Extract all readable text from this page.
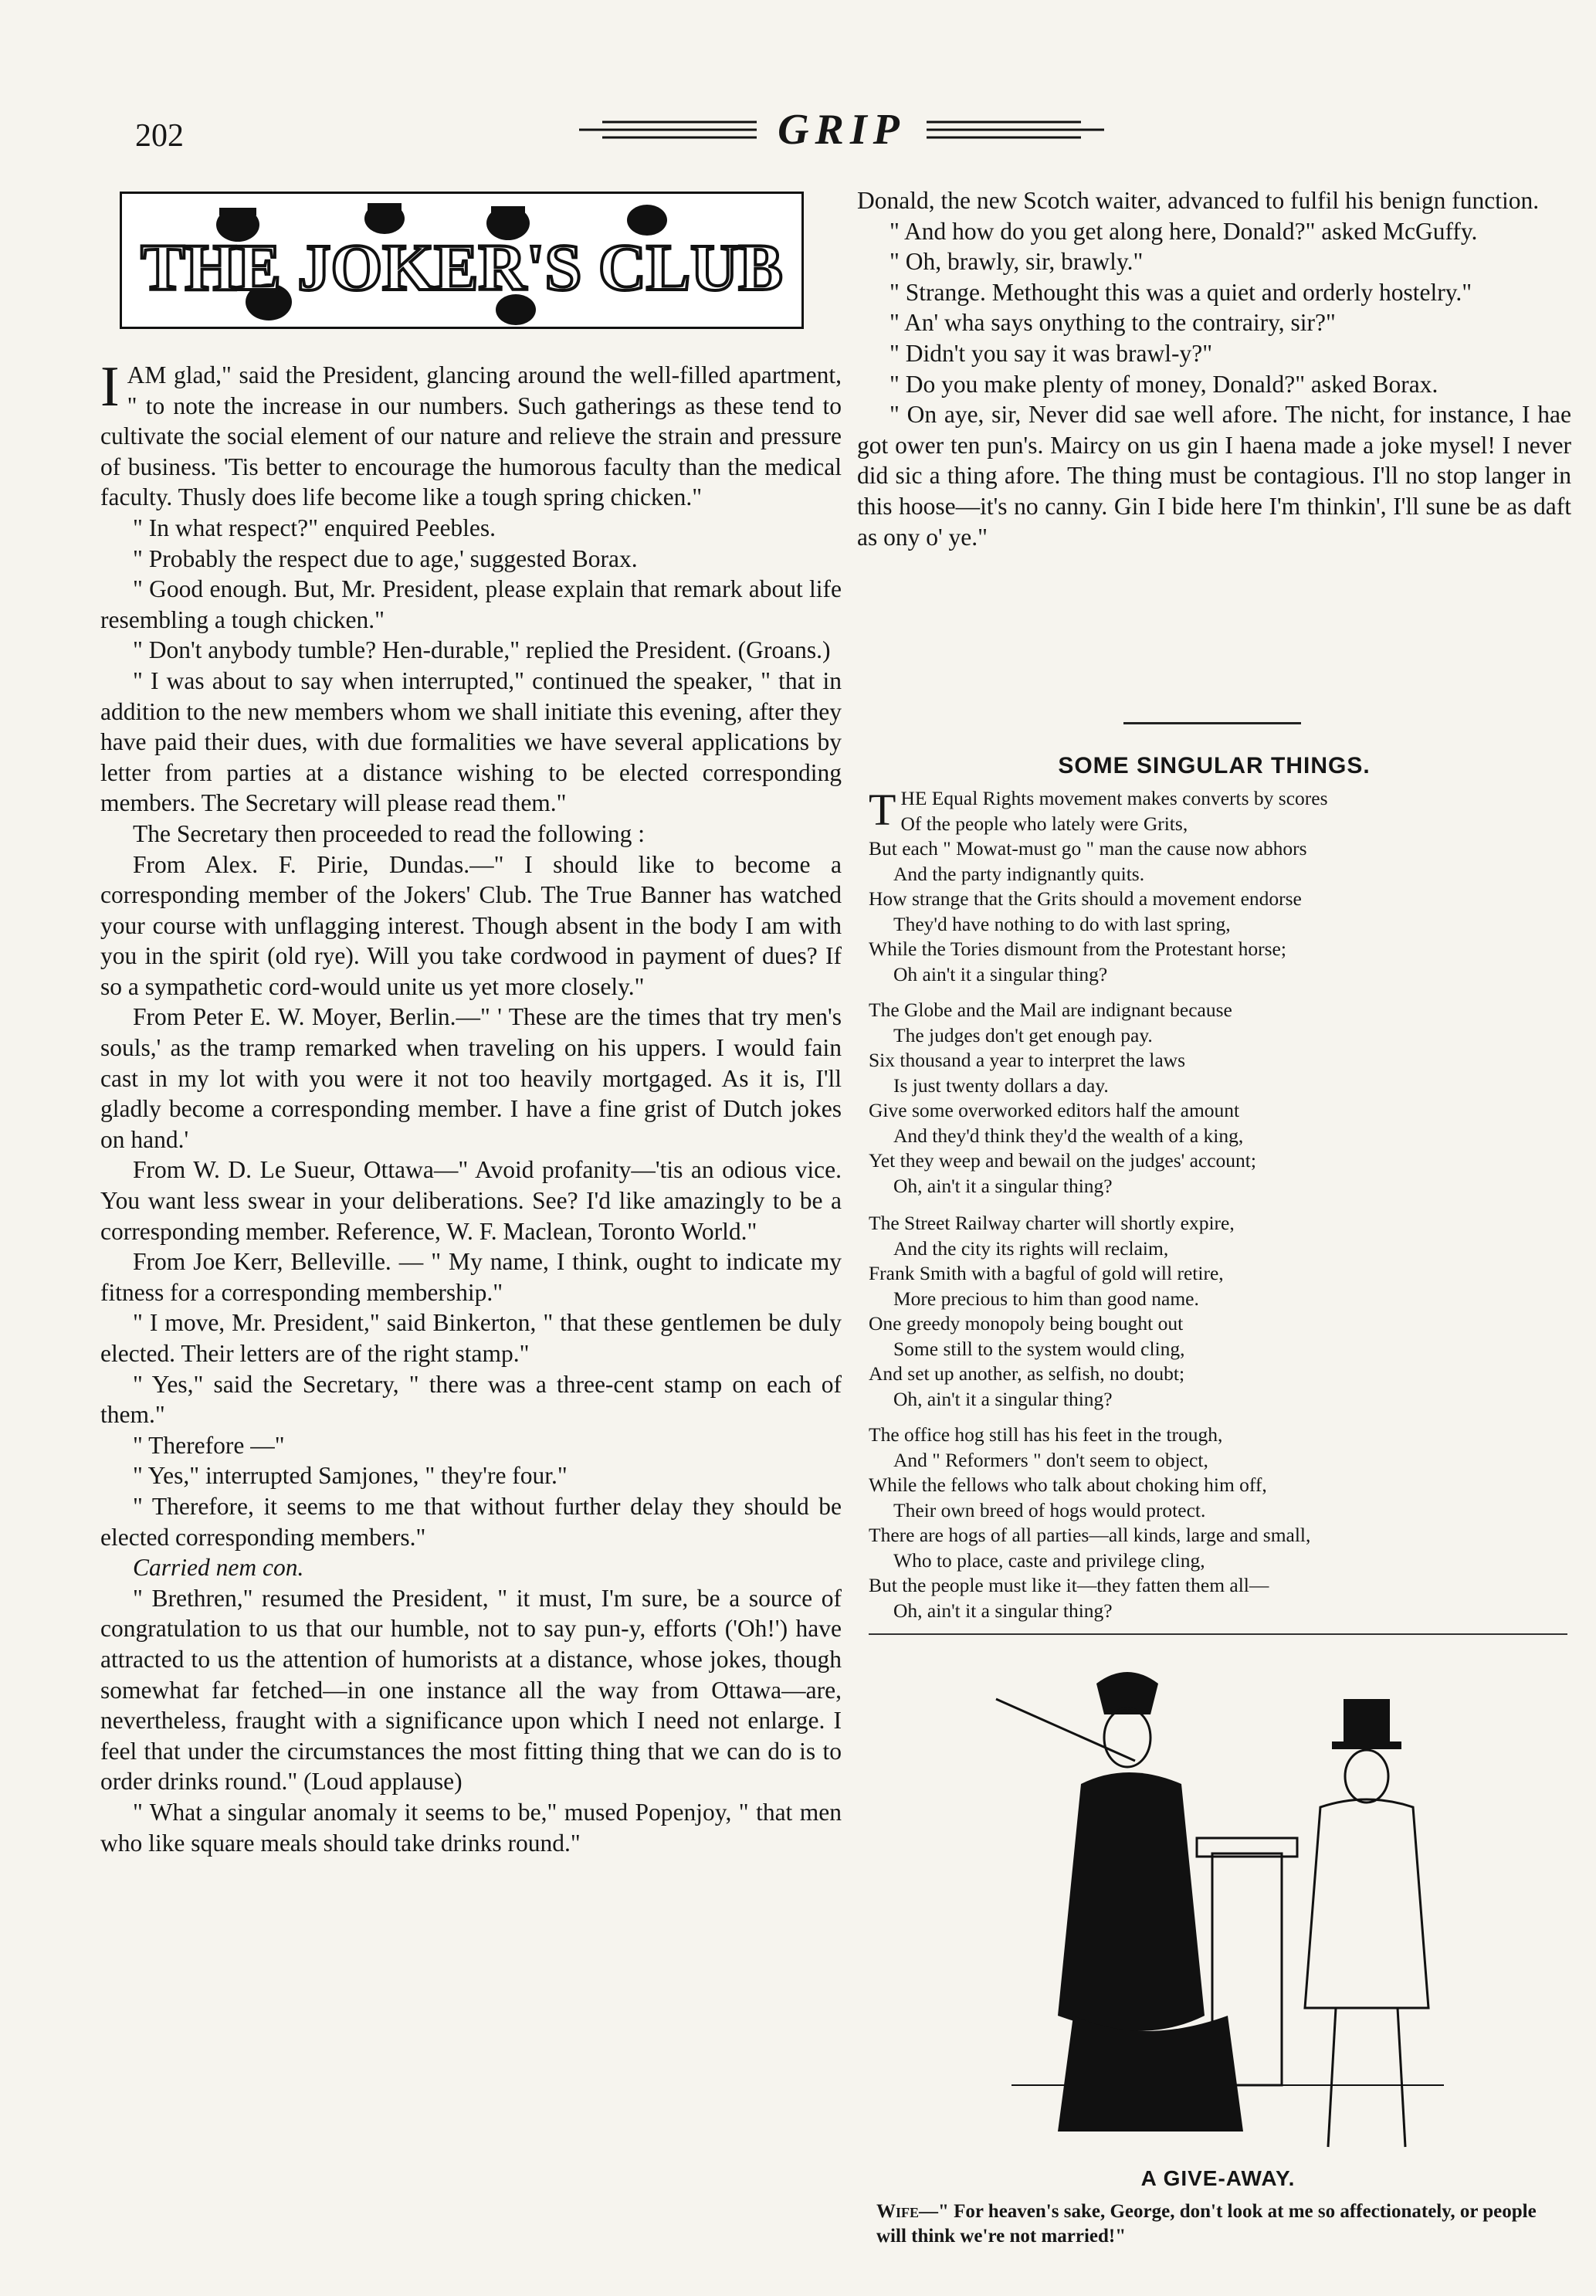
202	GRIP
THE JOKER'S CLUB

I AM glad," said the President, glancing around the well-filled apartment, " to note the increase in our numbers. Such gatherings as these tend to cultivate the social element of our nature and relieve the strain and pressure of business. 'Tis better to encourage the humorous faculty than the medical faculty. Thusly does life become like a tough spring chicken."

" In what respect?" enquired Peebles.

" Probably the respect due to age,' suggested Borax.

" Good enough. But, Mr. President, please explain that remark about life resembling a tough chicken."

" Don't anybody tumble? Hen-durable," replied the President. (Groans.)

" I was about to say when interrupted," continued the speaker, " that in addition to the new members whom we shall initiate this evening, after they have paid their dues, with due formalities we have several applications by letter from parties at a distance wishing to be elected corresponding members. The Secretary will please read them."

The Secretary then proceeded to read the following :

From Alex. F. Pirie, Dundas.—" I should like to become a corresponding member of the Jokers' Club. The True Banner has watched your course with unflagging interest. Though absent in the body I am with you in the spirit (old rye). Will you take cordwood in payment of dues? If so a sympathetic cord-would unite us yet more closely."

From Peter E. W. Moyer, Berlin.—" ' These are the times that try men's souls,' as the tramp remarked when traveling on his uppers. I would fain cast in my lot with you were it not too heavily mortgaged. As it is, I'll gladly become a corresponding member. I have a fine grist of Dutch jokes on hand.'

From W. D. Le Sueur, Ottawa—" Avoid profanity—'tis an odious vice. You want less swear in your deliberations. See? I'd like amazingly to be a corresponding member. Reference, W. F. Maclean, Toronto World."

From Joe Kerr, Belleville. — " My name, I think, ought to indicate my fitness for a corresponding membership."

" I move, Mr. President," said Binkerton, " that these gentlemen be duly elected. Their letters are of the right stamp."

" Yes," said the Secretary, " there was a three-cent stamp on each of them."

" Therefore —"

" Yes," interrupted Samjones, " they're four."

" Therefore, it seems to me that without further delay they should be elected corresponding members."

Carried nem con.

" Brethren," resumed the President, " it must, I'm sure, be a source of congratulation to us that our humble, not to say pun-y, efforts ('Oh!') have attracted to us the attention of humorists at a distance, whose jokes, though somewhat far fetched—in one instance all the way from Ottawa—are, nevertheless, fraught with a significance upon which I need not enlarge. I feel that under the circumstances the most fitting thing that we can do is to order drinks round." (Loud applause)

" What a singular anomaly it seems to be," mused Popenjoy, " that men who like square meals should take drinks round."

Donald, the new Scotch waiter, advanced to fulfil his benign function.

" And how do you get along here, Donald?" asked McGuffy.

" Oh, brawly, sir, brawly."

" Strange. Methought this was a quiet and orderly hostelry."

" An' wha says onything to the contrairy, sir?"

" Didn't you say it was brawl-y?"

" Do you make plenty of money, Donald?" asked Borax.

" On aye, sir, Never did sae well afore. The nicht, for instance, I hae got ower ten pun's. Maircy on us gin I haena made a joke mysel! I never did sic a thing afore. The thing must be contagious. I'll no stop langer in this hoose—it's no canny. Gin I bide here I'm thinkin', I'll sune be as daft as ony o' ye."

SOME SINGULAR THINGS.
THE Equal Rights movement makes converts by scores
Of the people who lately were Grits,
But each " Mowat-must go " man the cause now abhors
And the party indignantly quits.
How strange that the Grits should a movement endorse
They'd have nothing to do with last spring,
While the Tories dismount from the Protestant horse;
Oh ain't it a singular thing?
The Globe and the Mail are indignant because
The judges don't get enough pay.
Six thousand a year to interpret the laws
Is just twenty dollars a day.
Give some overworked editors half the amount
And they'd think they'd the wealth of a king,
Yet they weep and bewail on the judges' account;
Oh, ain't it a singular thing?
The Street Railway charter will shortly expire,
And the city its rights will reclaim,
Frank Smith with a bagful of gold will retire,
More precious to him than good name.
One greedy monopoly being bought out
Some still to the system would cling,
And set up another, as selfish, no doubt;
Oh, ain't it a singular thing?
The office hog still has his feet in the trough,
And " Reformers " don't seem to object,
While the fellows who talk about choking him off,
Their own breed of hogs would protect.
There are hogs of all parties—all kinds, large and small,
Who to place, caste and privilege cling,
But the people must like it—they fatten them all—
Oh, ain't it a singular thing?
A GIVE-AWAY.
Wife—" For heaven's sake, George, don't look at me so affectionately, or people will think we're not married!"
